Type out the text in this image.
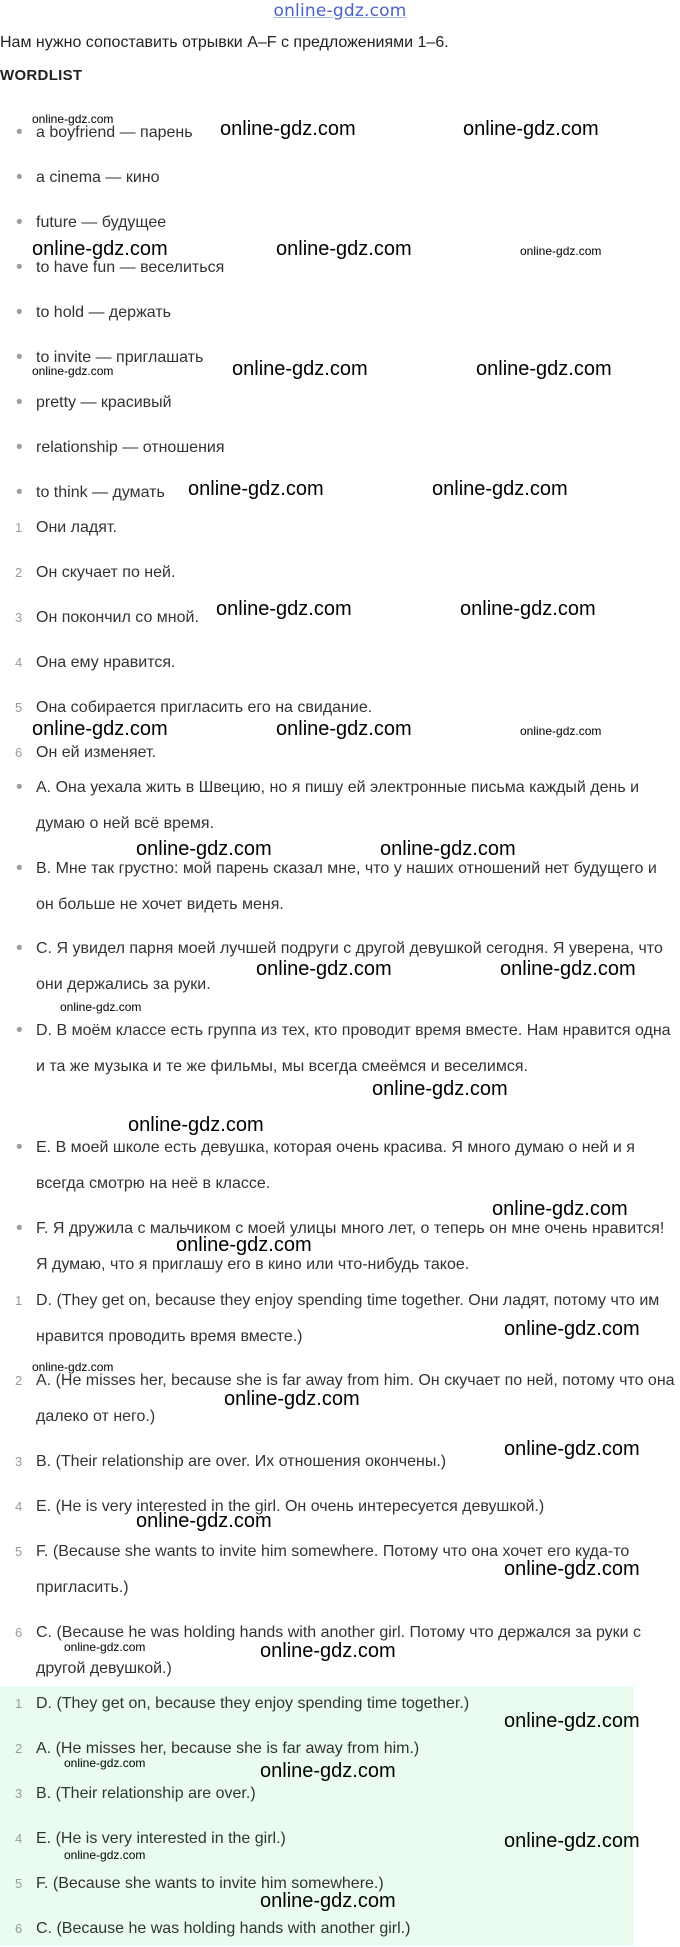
online-gdz.com
Нам нужно сопоставить отрывки A–F с предложениями 1–6.
WORDLIST
• a boyfriend — парень
• a cinema — кино
• future — будущее
• to have fun — веселиться
• to hold — держать
• to invite — приглашать
• pretty — красивый
• relationship — отношения
• to think — думать
1 Они ладят.
2 Он скучает по ней.
3 Он покончил со мной.
4 Она ему нравится.
5 Она собирается пригласить его на свидание.
6 Он ей изменяет.
• A. Она уехала жить в Швецию, но я пишу ей электронные письма каждый день и думаю о ней всё время.
• B. Мне так грустно: мой парень сказал мне, что у наших отношений нет будущего и он больше не хочет видеть меня.
• C. Я увидел парня моей лучшей подруги с другой девушкой сегодня. Я уверена, что они держались за руки.
• D. В моём классе есть группа из тех, кто проводит время вместе. Нам нравится одна и та же музыка и те же фильмы, мы всегда смеёмся и веселимся.
• E. В моей школе есть девушка, которая очень красива. Я много думаю о ней и я всегда смотрю на неё в классе.
• F. Я дружила с мальчиком с моей улицы много лет, о теперь он мне очень нравится! Я думаю, что я приглашу его в кино или что-нибудь такое.
1 D. (They get on, because they enjoy spending time together. Они ладят, потому что им нравится проводить время вместе.)
2 A. (He misses her, because she is far away from him. Он скучает по ней, потому что она далеко от него.)
3 B. (Their relationship are over. Их отношения окончены.)
4 E. (He is very interested in the girl. Он очень интересуется девушкой.)
5 F. (Because she wants to invite him somewhere. Потому что она хочет его куда-то пригласить.)
6 C. (Because he was holding hands with another girl. Потому что держался за руки с другой девушкой.)
1 D. (They get on, because they enjoy spending time together.)
2 A. (He misses her, because she is far away from him.)
3 B. (Their relationship are over.)
4 E. (He is very interested in the girl.)
5 F. (Because she wants to invite him somewhere.)
6 C. (Because he was holding hands with another girl.)
online-gdz.com	online-gdz.com	online-gdz.com
online-gdz.com	online-gdz.com	online-gdz.com
online-gdz.com	online-gdz.com	online-gdz.com
online-gdz.com	online-gdz.com
online-gdz.com	online-gdz.com
online-gdz.com	online-gdz.com	online-gdz.com
online-gdz.com	online-gdz.com
online-gdz.com	online-gdz.com
online-gdz.com
online-gdz.com
online-gdz.com
online-gdz.com
online-gdz.com
online-gdz.com
online-gdz.com
online-gdz.com
online-gdz.com
online-gdz.com
online-gdz.com
online-gdz.com	online-gdz.com
online-gdz.com
online-gdz.com	online-gdz.com
online-gdz.com
online-gdz.com
online-gdz.com
